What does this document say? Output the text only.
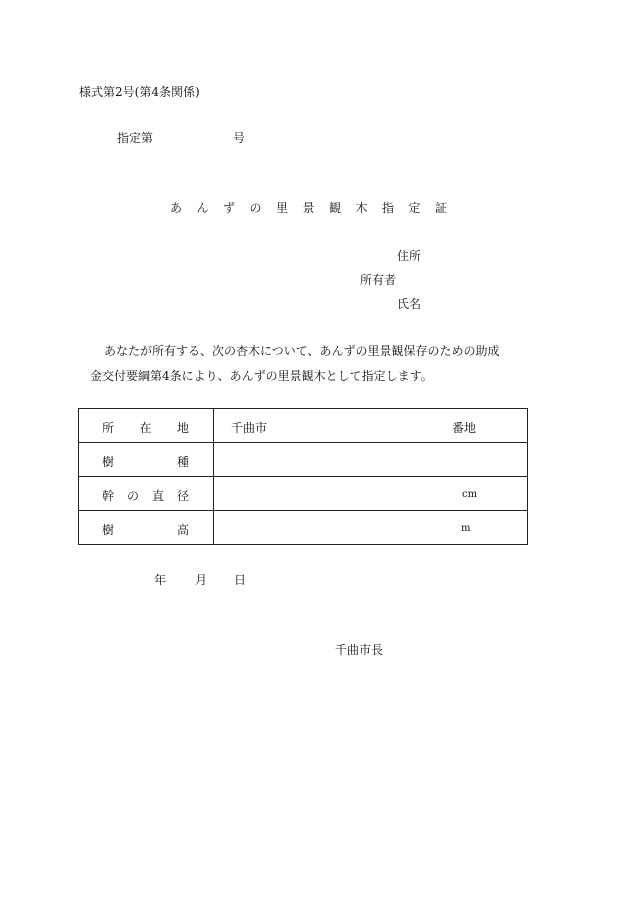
様式第2号(第4条関係)
指定第	号
あんずの里景観木指定証
住所
所有者
氏名
あなたが所有する、次の杏木について、あんずの里景観保存のための助成
金交付要綱第4条により、あんずの里景観木として指定します。
所 在 地	千曲市 番地

樹 種	

幹 の 直 径	cm

樹 高	m
年 月 日
千曲市長
